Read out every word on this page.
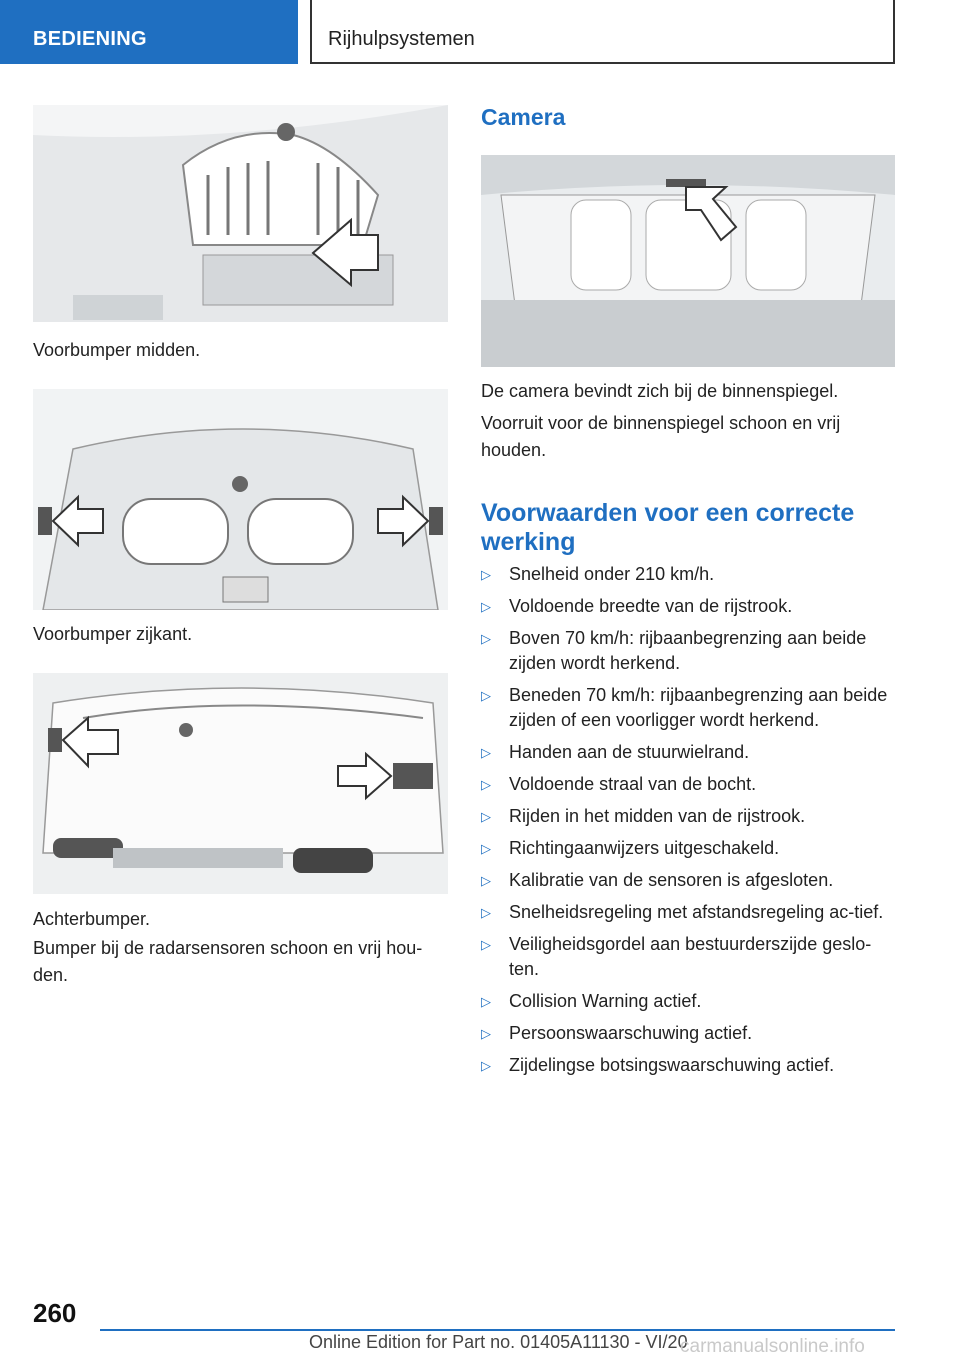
BEDIENING	Rijhulpsystemen
Voorbumper midden.
Voorbumper zijkant.
Achterbumper.
Bumper bij de radarsensoren schoon en vrij hou-den.
Camera
De camera bevindt zich bij de binnenspiegel.
Voorruit voor de binnenspiegel schoon en vrij houden.
Voorwaarden voor een correcte werking
▷ Snelheid onder 210 km/h.
▷ Voldoende breedte van de rijstrook.
▷ Boven 70 km/h: rijbaanbegrenzing aan beide zijden wordt herkend.
▷ Beneden 70 km/h: rijbaanbegrenzing aan beide zijden of een voorligger wordt herkend.
▷ Handen aan de stuurwielrand.
▷ Voldoende straal van de bocht.
▷ Rijden in het midden van de rijstrook.
▷ Richtingaanwijzers uitgeschakeld.
▷ Kalibratie van de sensoren is afgesloten.
▷ Snelheidsregeling met afstandsregeling ac-tief.
▷ Veiligheidsgordel aan bestuurderszijde geslo-ten.
▷ Collision Warning actief.
▷ Persoonswaarschuwing actief.
▷ Zijdelingse botsingswaarschuwing actief.
260
Online Edition for Part no. 01405A11130 - VI/20
carmanualsonline.info
